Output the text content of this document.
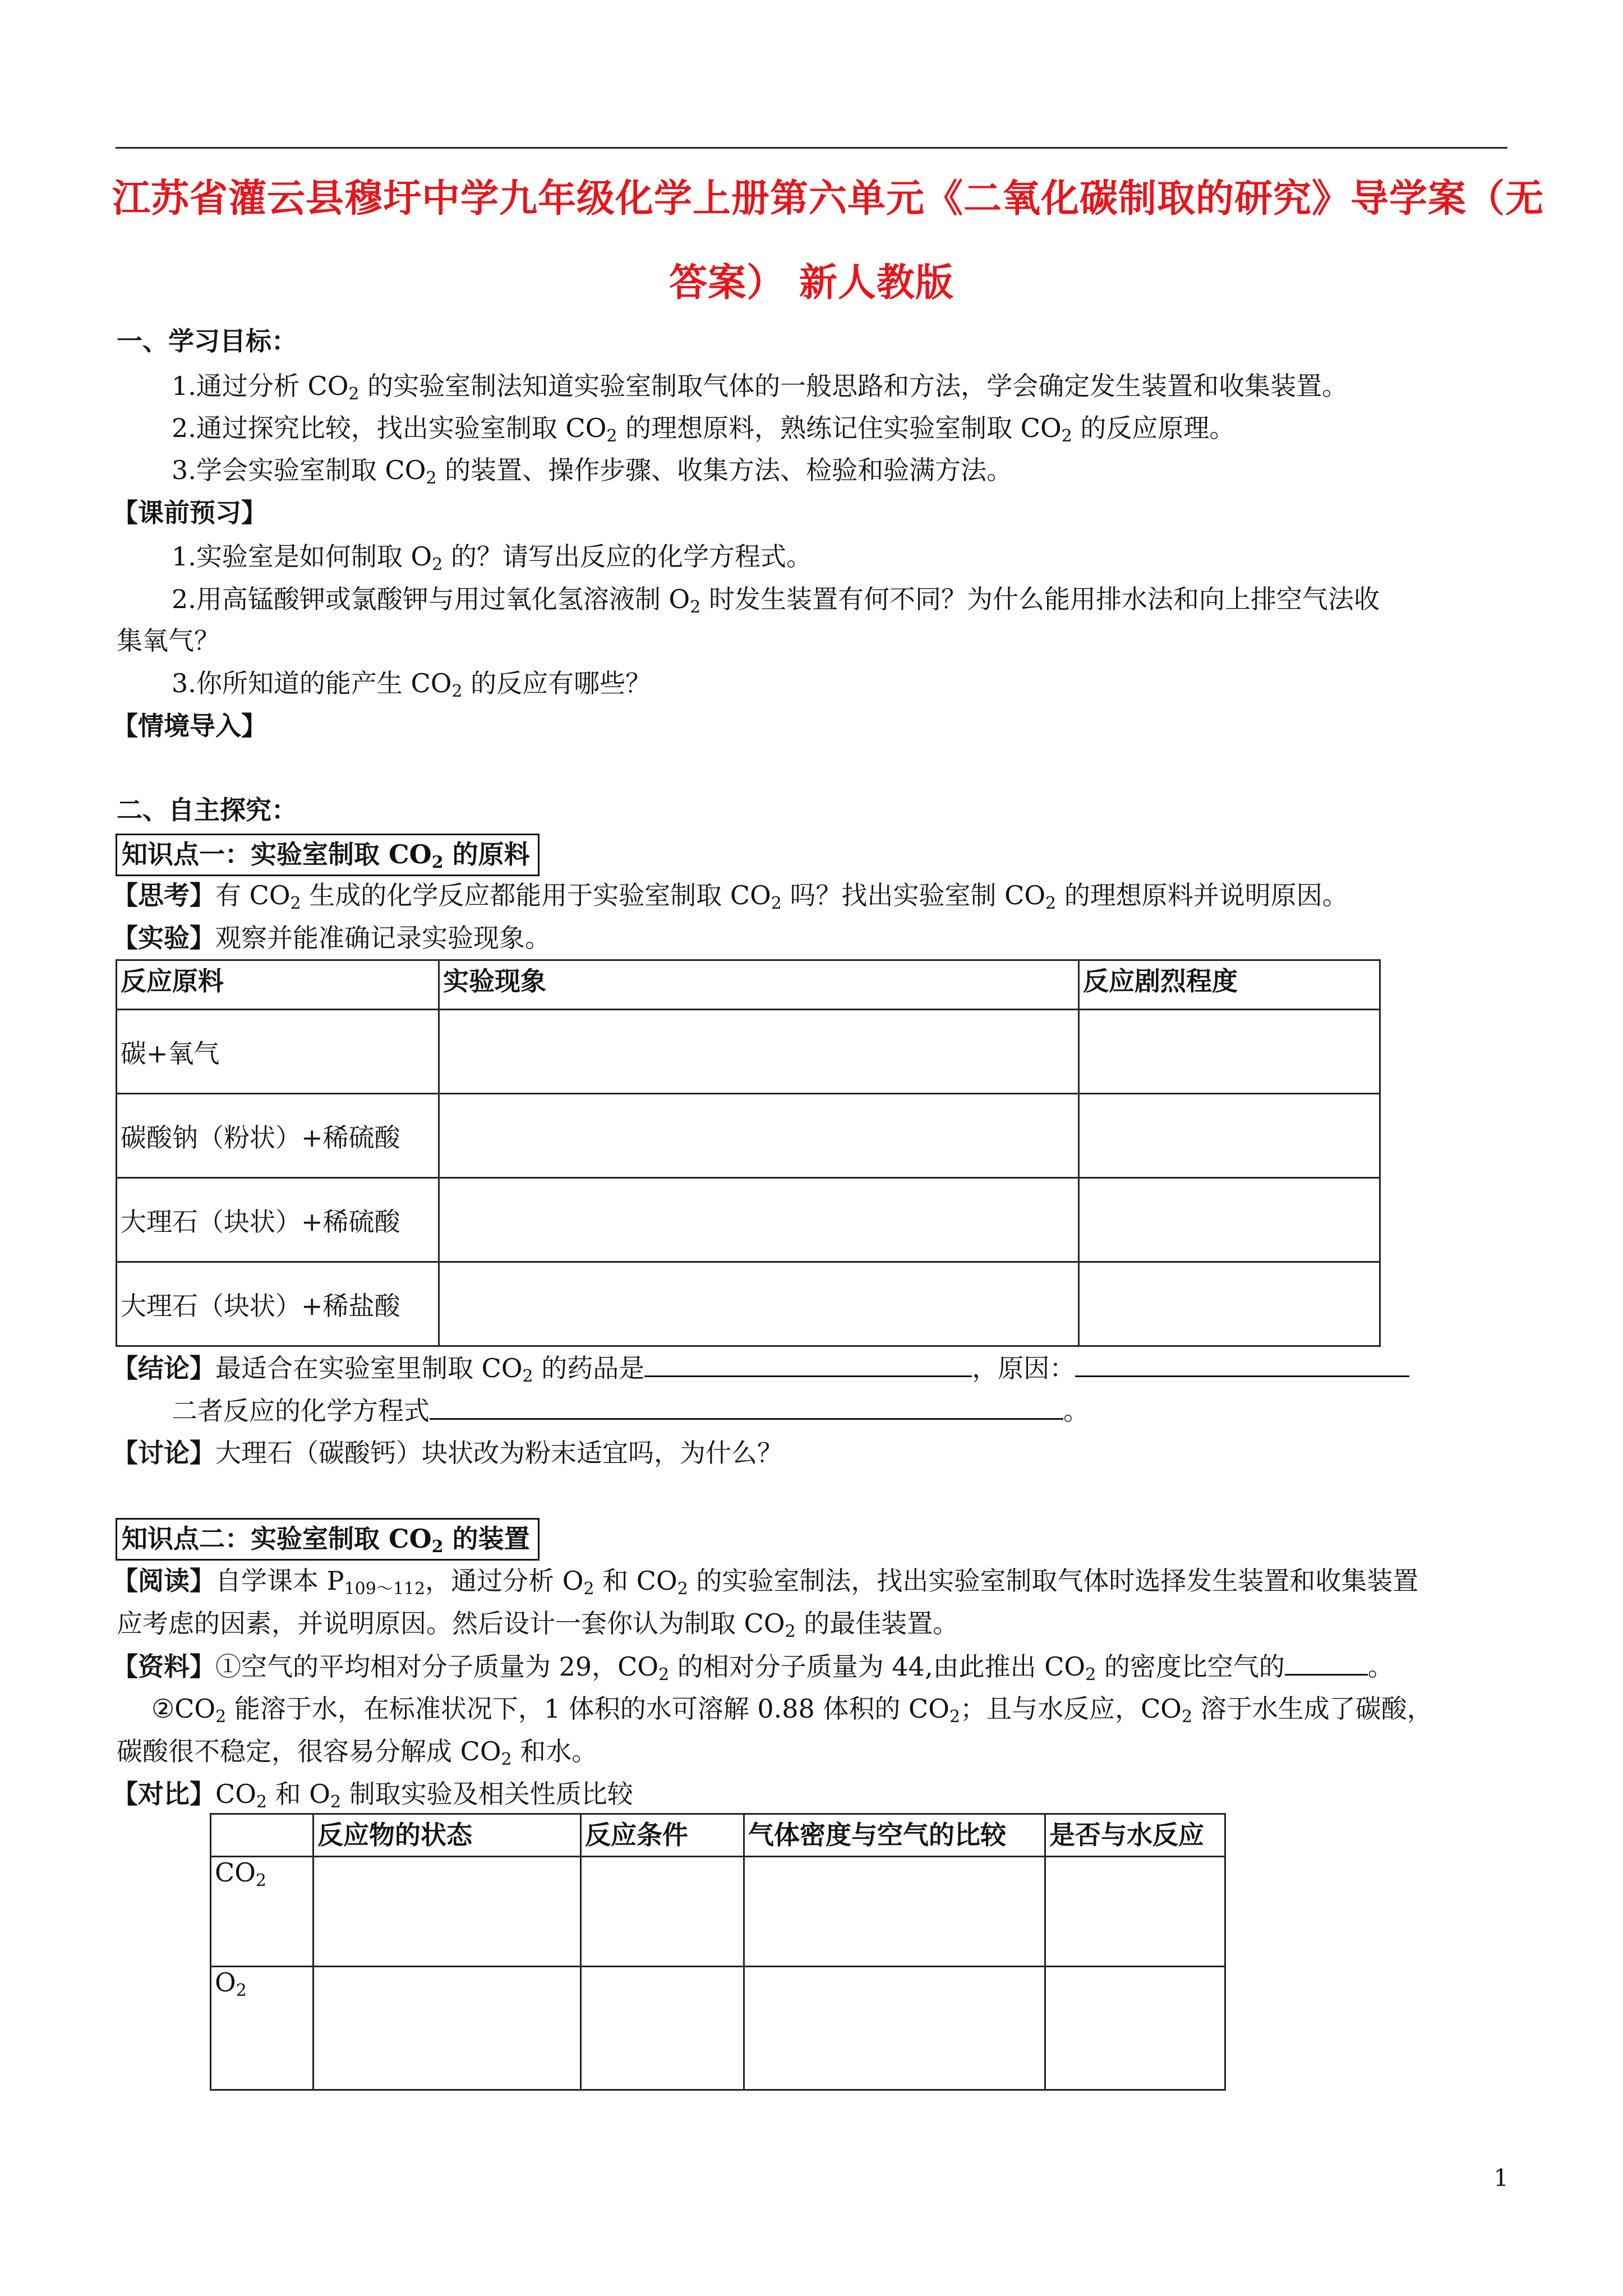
江苏省灌云县穆圩中学九年级化学上册第六单元《二氧化碳制取的研究》导学案（无
答案） 新人教版
一、学习目标：
1.通过分析 $CO_2$ 的实验室制法知道实验室制取气体的一般思路和方法，学会确定发生装置和收集装置。
2.通过探究比较，找出实验室制取 $CO_2$ 的理想原料，熟练记住实验室制取 $CO_2$ 的反应原理。
3.学会实验室制取 $CO_2$ 的装置、操作步骤、收集方法、检验和验满方法。
【课前预习】
1.实验室是如何制取 $O_2$ 的？请写出反应的化学方程式。
2.用高锰酸钾或氯酸钾与用过氧化氢溶液制 $O_2$ 时发生装置有何不同？为什么能用排水法和向上排空气法收
集氧气？
3.你所知道的能产生 $CO_2$ 的反应有哪些？
【情境导入】
二、自主探究：
知识点一：实验室制取 $CO_2$ 的原料
【思考】有 $CO_2$ 生成的化学反应都能用于实验室制取 $CO_2$ 吗？找出实验室制 $CO_2$ 的理想原料并说明原因。
【实验】观察并能准确记录实验现象。
反应原料	实验现象	反应剧烈程度
碳+氧气		
碳酸钠（粉状）+稀硫酸		
大理石（块状）+稀硫酸		
大理石（块状）+稀盐酸		
【结论】最适合在实验室里制取 $CO_2$ 的药品是	，原因：
二者反应的化学方程式	。
【讨论】大理石（碳酸钙）块状改为粉末适宜吗，为什么？
知识点二：实验室制取 $CO_2$ 的装置
【阅读】自学课本 $P_{109\sim 112}$，通过分析 $O_2$ 和 $CO_2$ 的实验室制法，找出实验室制取气体时选择发生装置和收集装置
应考虑的因素，并说明原因。然后设计一套你认为制取 $CO_2$ 的最佳装置。
【资料】①空气的平均相对分子质量为 29，$CO_2$ 的相对分子质量为 44,由此推出 $CO_2$ 的密度比空气的	。
$②CO_2$ 能溶于水，在标准状况下，1 体积的水可溶解 0.88 体积的 $CO_2$；且与水反应，$CO_2$ 溶于水生成了碳酸，
碳酸很不稳定，很容易分解成 $CO_2$ 和水。
【对比】$CO_2$ 和 $O_2$ 制取实验及相关性质比较
	反应物的状态	反应条件	气体密度与空气的比较	是否与水反应
$CO_2$				
$O_2$				
1
